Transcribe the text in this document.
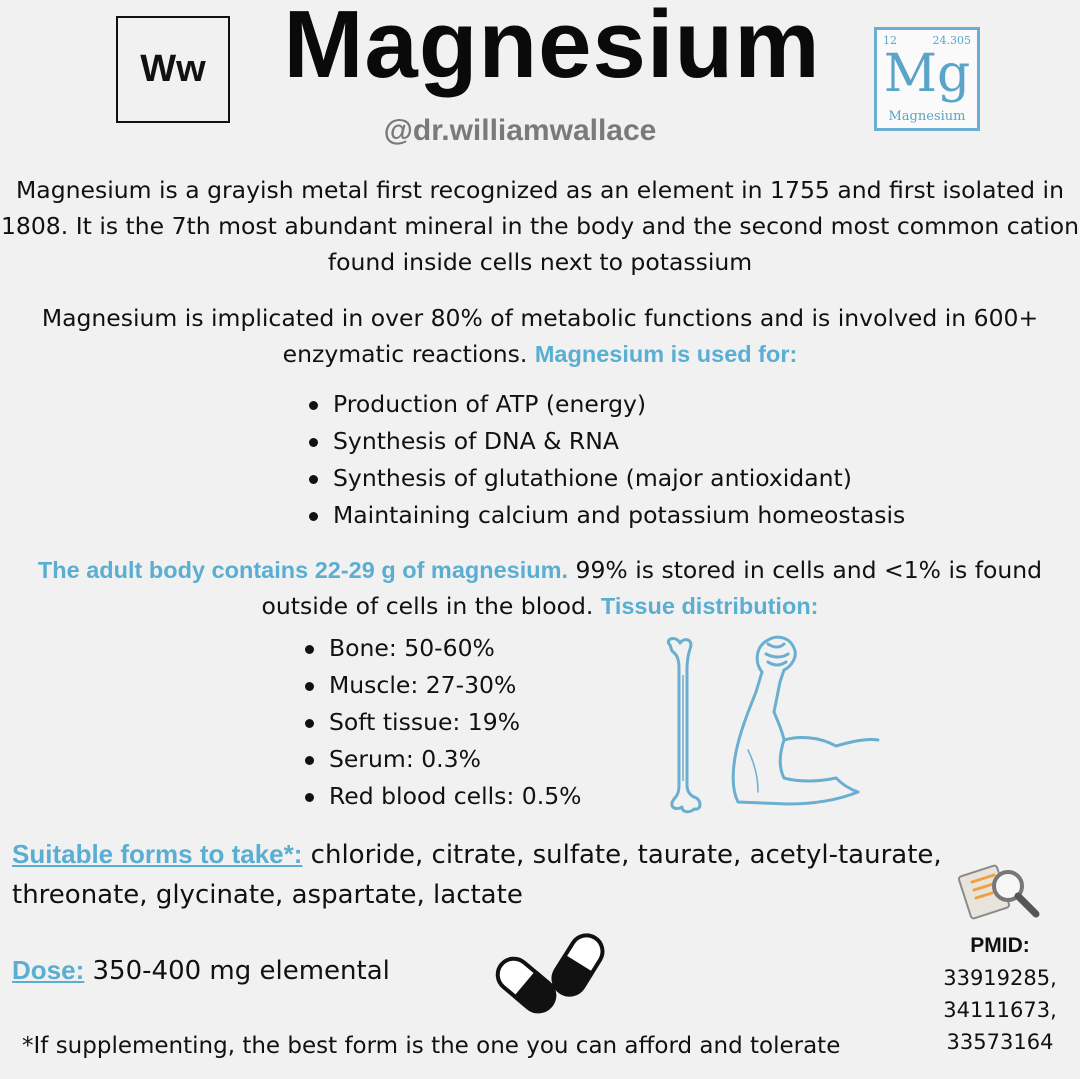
Ww Magnesium
@dr.williamwallace
12	24.305
Mg
Magnesium
Magnesium is a grayish metal first recognized as an element in 1755 and first isolated in 1808. It is the 7th most abundant mineral in the body and the second most common cation found inside cells next to potassium
Magnesium is implicated in over 80% of metabolic functions and is involved in 600+ enzymatic reactions. Magnesium is used for:
Production of ATP (energy)
Synthesis of DNA & RNA
Synthesis of glutathione (major antioxidant)
Maintaining calcium and potassium homeostasis
The adult body contains 22-29 g of magnesium. 99% is stored in cells and <1% is found outside of cells in the blood. Tissue distribution:
Bone: 50-60%
Muscle: 27-30%
Soft tissue: 19%
Serum: 0.3%
Red blood cells: 0.5%
Suitable forms to take*: chloride, citrate, sulfate, taurate, acetyl-taurate, threonate, glycinate, aspartate, lactate
Dose: 350-400 mg elemental
PMID:
33919285,
34111673,
33573164
*If supplementing, the best form is the one you can afford and tolerate
